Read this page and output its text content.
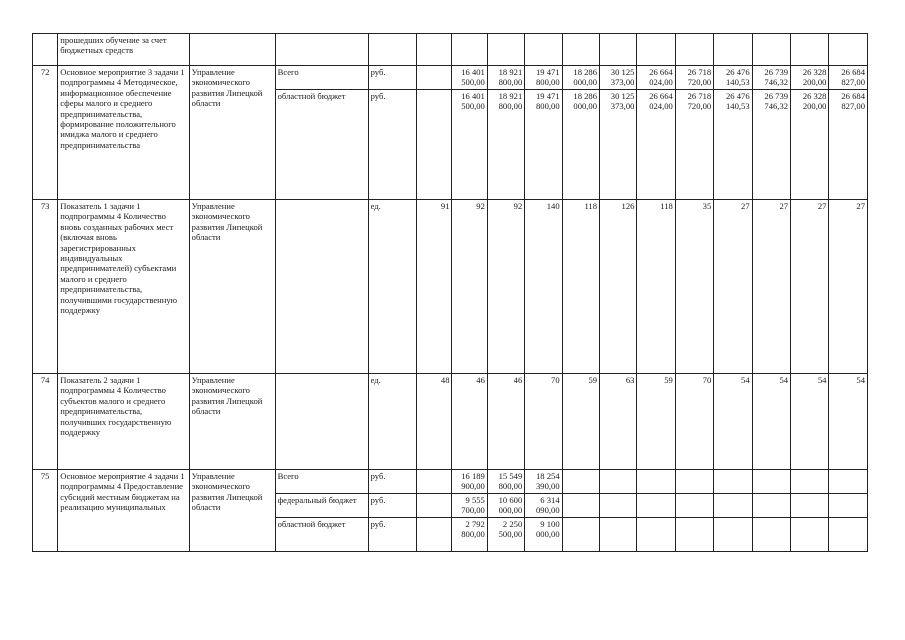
	прошедших обучение за счет бюджетных средств															
72	Основное мероприятие 3 задачи 1 подпрограммы 4 Методическое, информационное обеспечение сферы малого и среднего предпринимательства, формирование положительного имиджа малого и среднего предпринимательства	Управление экономического развития Липецкой области	Всего	руб.		16 401 500,00	18 921 800,00	19 471 800,00	18 286 000,00	30 125 373,00	26 664 024,00	26 718 720,00	26 476 140,53	26 739 746,32	26 328 200,00	26 684 827,00
			областной бюджет	руб.		16 401 500,00	18 921 800,00	19 471 800,00	18 286 000,00	30 125 373,00	26 664 024,00	26 718 720,00	26 476 140,53	26 739 746,32	26 328 200,00	26 684 827,00
73	Показатель 1 задачи 1 подпрограммы 4 Количество вновь созданных рабочих мест (включая вновь зарегистрированных индивидуальных предпринимателей) субъектами малого и среднего предпринимательства, получившими государственную поддержку	Управление экономического развития Липецкой области		ед.	91	92	92	140	118	126	118	35	27	27	27	27
74	Показатель 2 задачи 1 подпрограммы 4 Количество субъектов малого и среднего предпринимательства, получивших государственную поддержку	Управление экономического развития Липецкой области		ед.	48	46	46	70	59	63	59	70	54	54	54	54
75	Основное мероприятие 4 задачи 1 подпрограммы 4 Предоставление субсидий местным бюджетам на реализацию муниципальных	Управление экономического развития Липецкой области	Всего	руб.		16 189 900,00	15 549 800,00	18 254 390,00								
			федеральный бюджет	руб.		9 555 700,00	10 600 000,00	6 314 090,00								
			областной бюджет	руб.		2 792 800,00	2 250 500,00	9 100 000,00								
